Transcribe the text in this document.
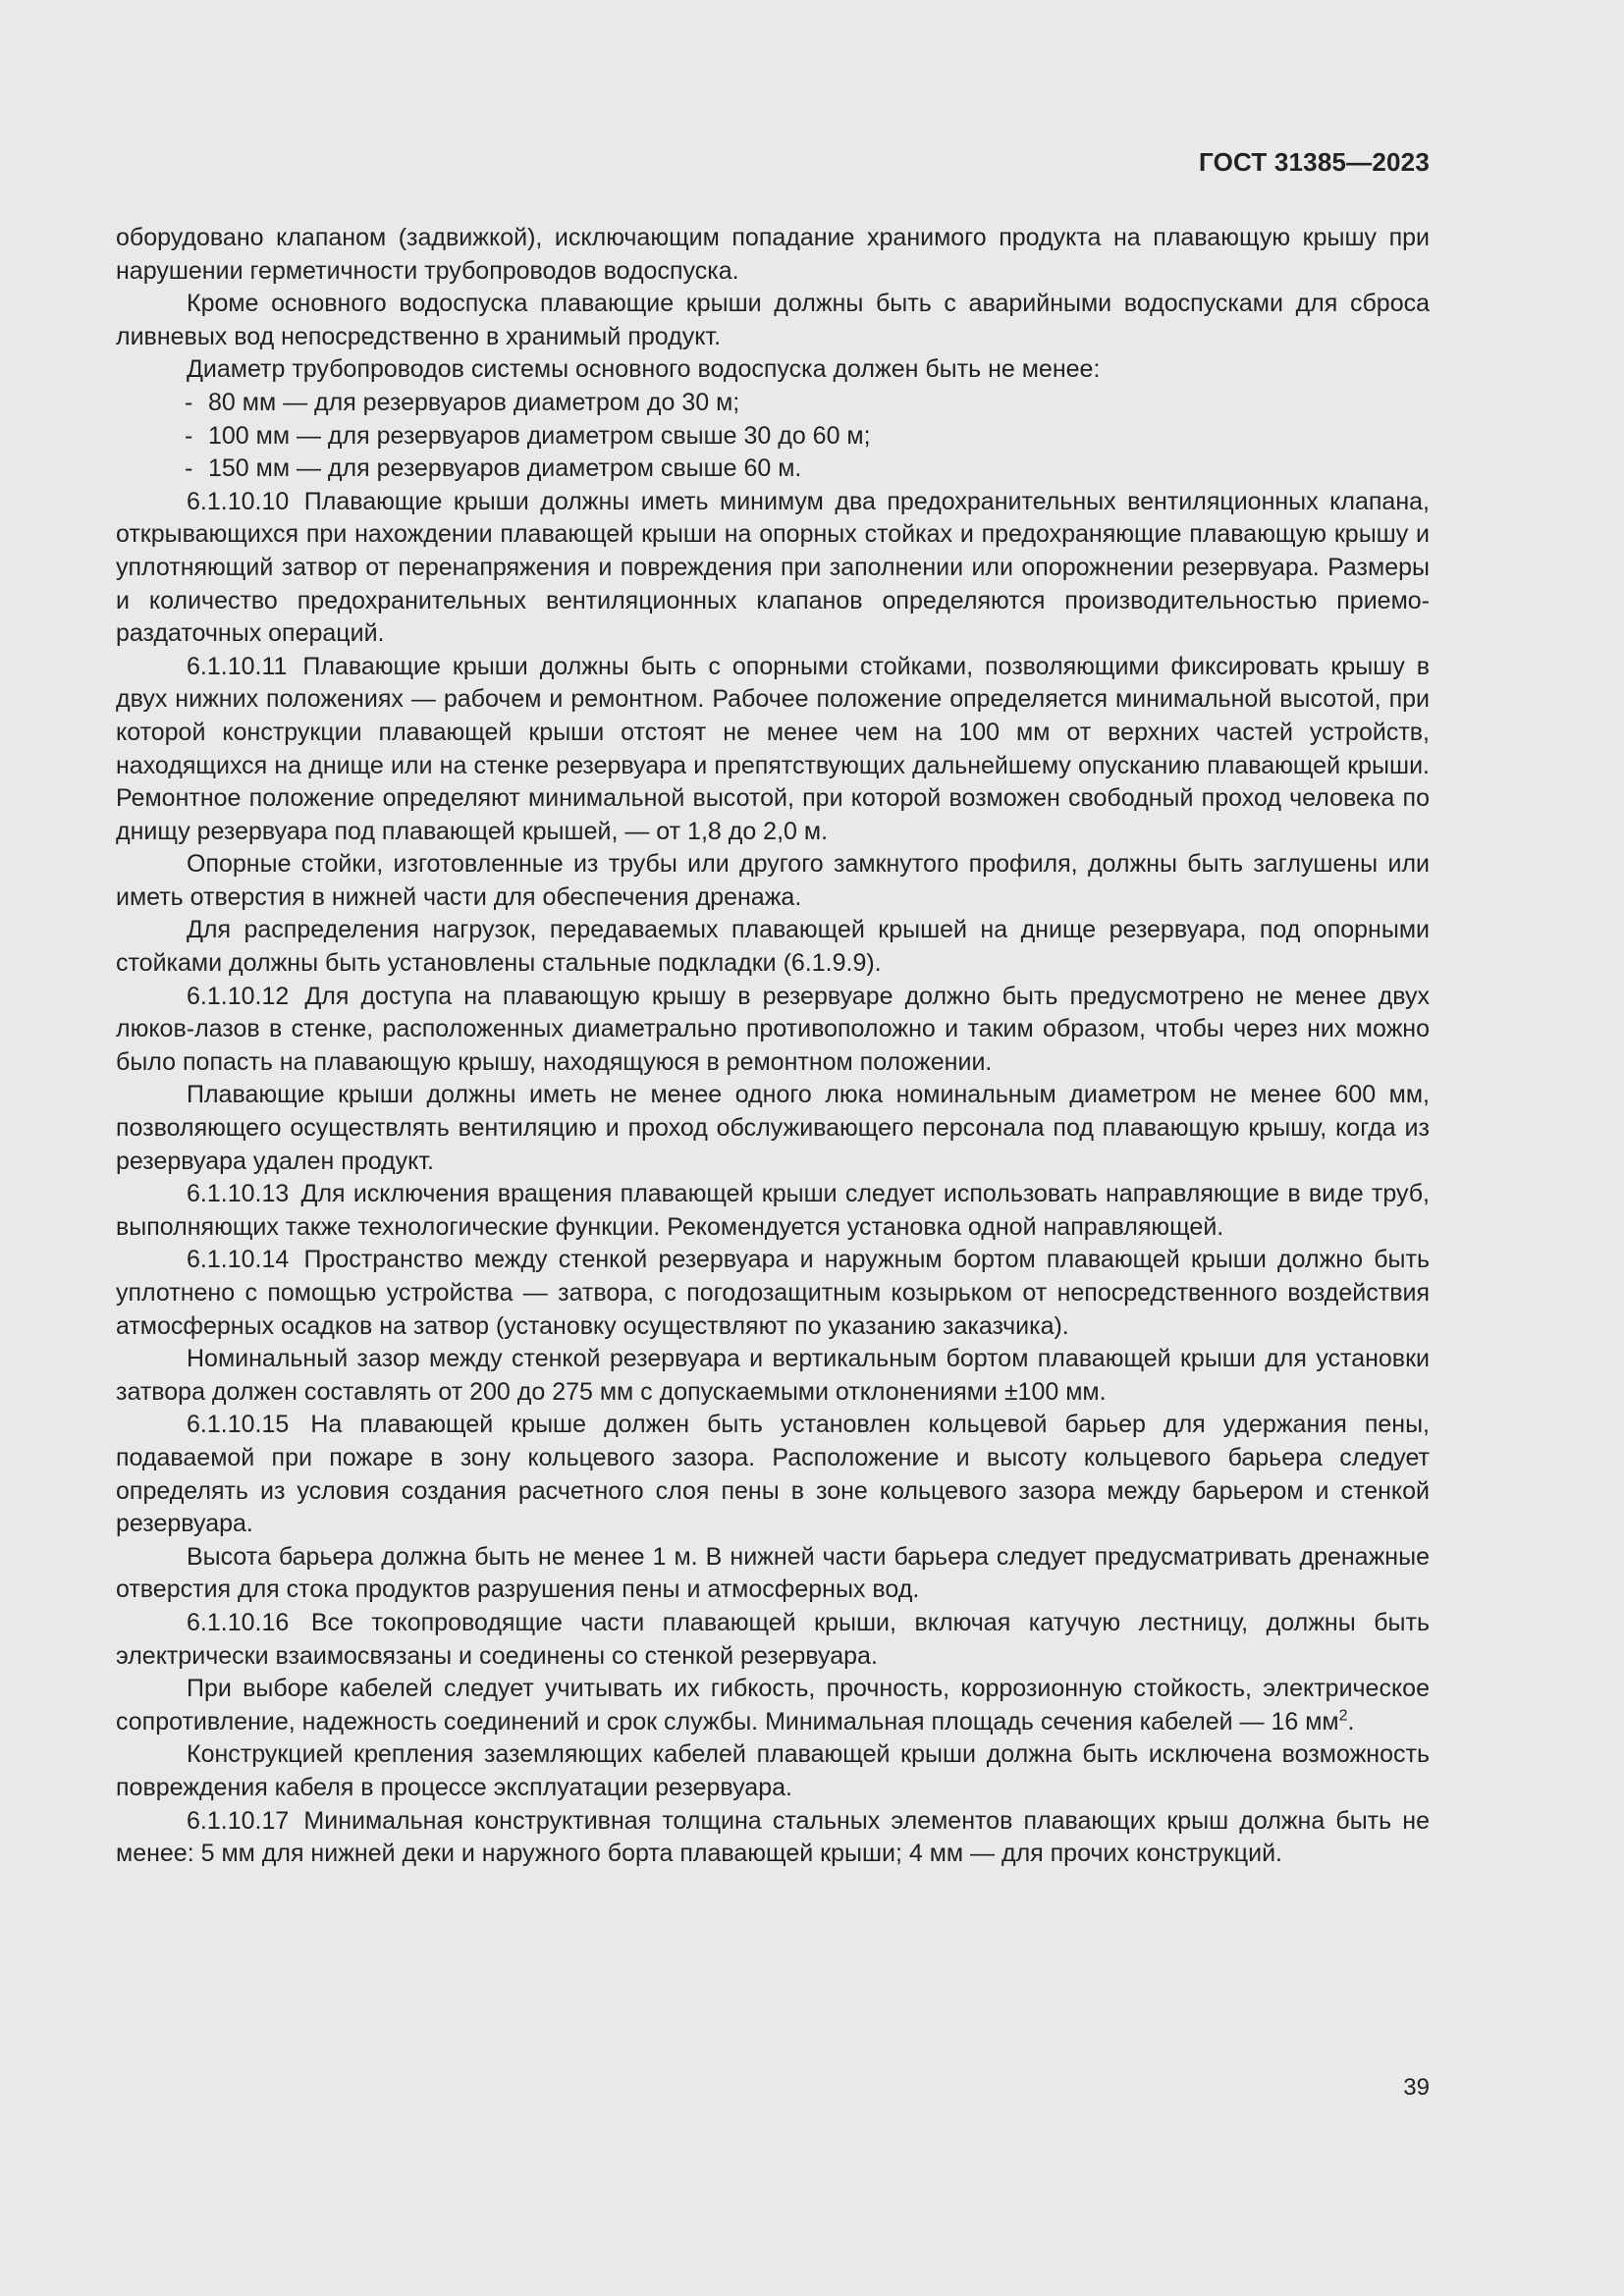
ГОСТ 31385—2023

оборудовано клапаном (задвижкой), исключающим попадание хранимого продукта на плавающую крышу при нарушении герметичности трубопроводов водоспуска.

Кроме основного водоспуска плавающие крыши должны быть с аварийными водоспусками для сброса ливневых вод непосредственно в хранимый продукт.

Диаметр трубопроводов системы основного водоспуска должен быть не менее:

- 80 мм — для резервуаров диаметром до 30 м;

- 100 мм — для резервуаров диаметром свыше 30 до 60 м;

- 150 мм — для резервуаров диаметром свыше 60 м.

6.1.10.10 Плавающие крыши должны иметь минимум два предохранительных вентиляционных клапана, открывающихся при нахождении плавающей крыши на опорных стойках и предохраняющие плавающую крышу и уплотняющий затвор от перенапряжения и повреждения при заполнении или опорожнении резервуара. Размеры и количество предохранительных вентиляционных клапанов определяются производительностью приемо-раздаточных операций.

6.1.10.11 Плавающие крыши должны быть с опорными стойками, позволяющими фиксировать крышу в двух нижних положениях — рабочем и ремонтном. Рабочее положение определяется минимальной высотой, при которой конструкции плавающей крыши отстоят не менее чем на 100 мм от верхних частей устройств, находящихся на днище или на стенке резервуара и препятствующих дальнейшему опусканию плавающей крыши. Ремонтное положение определяют минимальной высотой, при которой возможен свободный проход человека по днищу резервуара под плавающей крышей, — от 1,8 до 2,0 м.

Опорные стойки, изготовленные из трубы или другого замкнутого профиля, должны быть заглушены или иметь отверстия в нижней части для обеспечения дренажа.

Для распределения нагрузок, передаваемых плавающей крышей на днище резервуара, под опорными стойками должны быть установлены стальные подкладки (6.1.9.9).

6.1.10.12 Для доступа на плавающую крышу в резервуаре должно быть предусмотрено не менее двух люков-лазов в стенке, расположенных диаметрально противоположно и таким образом, чтобы через них можно было попасть на плавающую крышу, находящуюся в ремонтном положении.

Плавающие крыши должны иметь не менее одного люка номинальным диаметром не менее 600 мм, позволяющего осуществлять вентиляцию и проход обслуживающего персонала под плавающую крышу, когда из резервуара удален продукт.

6.1.10.13 Для исключения вращения плавающей крыши следует использовать направляющие в виде труб, выполняющих также технологические функции. Рекомендуется установка одной направляющей.

6.1.10.14 Пространство между стенкой резервуара и наружным бортом плавающей крыши должно быть уплотнено с помощью устройства — затвора, с погодозащитным козырьком от непосредственного воздействия атмосферных осадков на затвор (установку осуществляют по указанию заказчика).

Номинальный зазор между стенкой резервуара и вертикальным бортом плавающей крыши для установки затвора должен составлять от 200 до 275 мм с допускаемыми отклонениями ±100 мм.

6.1.10.15 На плавающей крыше должен быть установлен кольцевой барьер для удержания пены, подаваемой при пожаре в зону кольцевого зазора. Расположение и высоту кольцевого барьера следует определять из условия создания расчетного слоя пены в зоне кольцевого зазора между барьером и стенкой резервуара.

Высота барьера должна быть не менее 1 м. В нижней части барьера следует предусматривать дренажные отверстия для стока продуктов разрушения пены и атмосферных вод.

6.1.10.16 Все токопроводящие части плавающей крыши, включая катучую лестницу, должны быть электрически взаимосвязаны и соединены со стенкой резервуара.

При выборе кабелей следует учитывать их гибкость, прочность, коррозионную стойкость, электрическое сопротивление, надежность соединений и срок службы. Минимальная площадь сечения кабелей — 16 $мм^2$.

Конструкцией крепления заземляющих кабелей плавающей крыши должна быть исключена возможность повреждения кабеля в процессе эксплуатации резервуара.

6.1.10.17 Минимальная конструктивная толщина стальных элементов плавающих крыш должна быть не менее: 5 мм для нижней деки и наружного борта плавающей крыши; 4 мм — для прочих конструкций.

39
